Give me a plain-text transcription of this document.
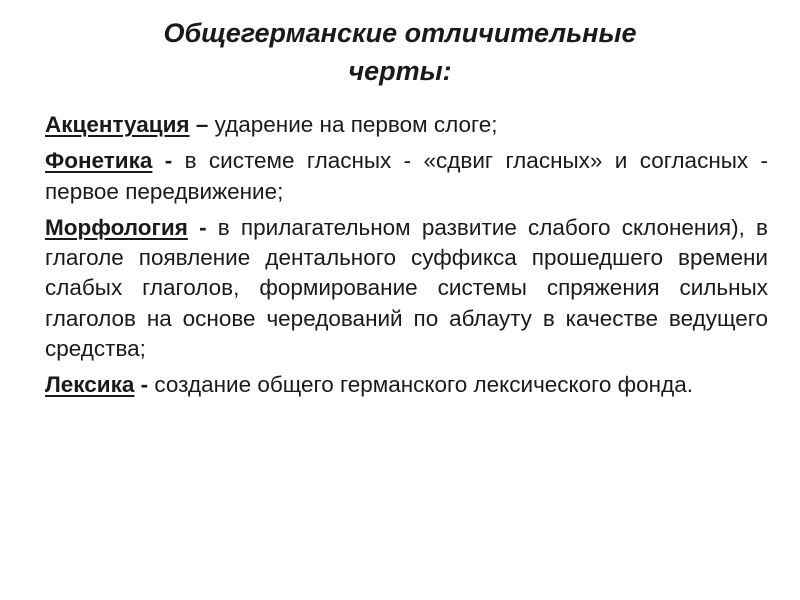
Общегерманские отличительные
черты:

Акцентуация – ударение на первом слоге;

Фонетика - в системе гласных - «сдвиг гласных» и согласных - первое передвижение;

Морфология - в прилагательном развитие слабого склонения), в глаголе появление дентального суффикса прошедшего времени слабых глаголов, формирование системы спряжения сильных глаголов на основе чередований по аблауту в качестве ведущего средства;

Лексика - создание общего германского лексического фонда.
